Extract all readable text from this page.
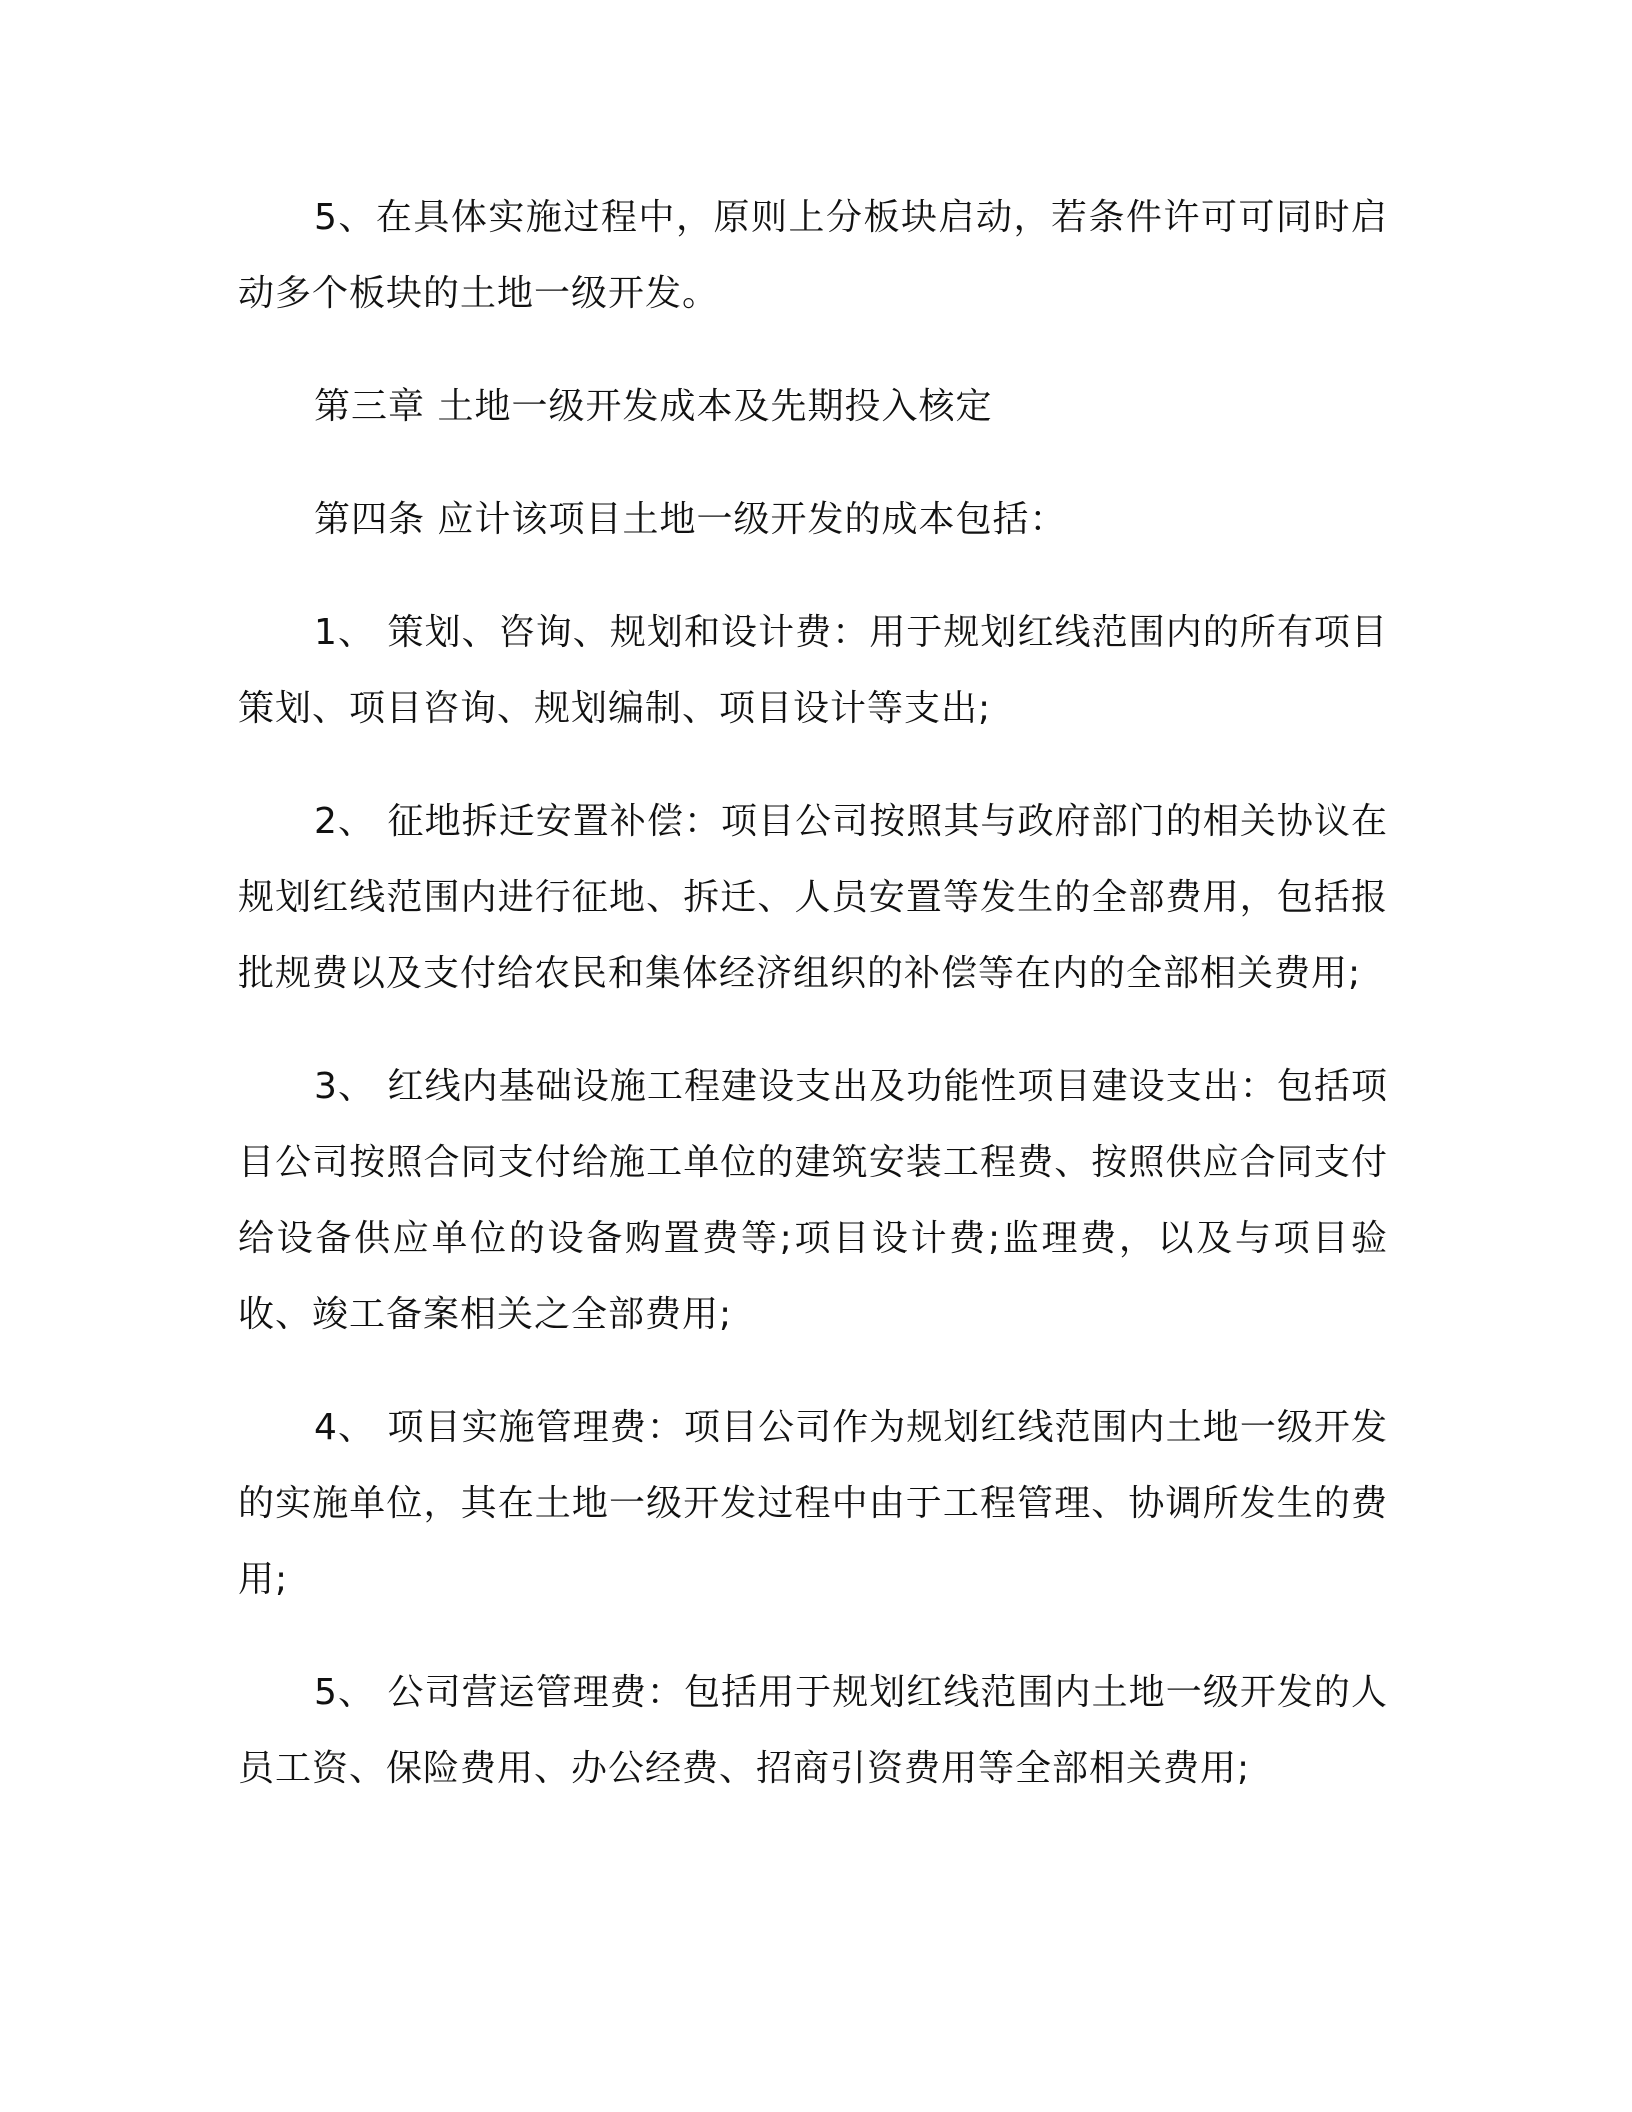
5、在具体实施过程中，原则上分板块启动，若条件许可可同时启动多个板块的土地一级开发。

第三章 土地一级开发成本及先期投入核定

第四条 应计该项目土地一级开发的成本包括：

1、 策划、咨询、规划和设计费：用于规划红线范围内的所有项目策划、项目咨询、规划编制、项目设计等支出;

2、 征地拆迁安置补偿：项目公司按照其与政府部门的相关协议在规划红线范围内进行征地、拆迁、人员安置等发生的全部费用，包括报批规费以及支付给农民和集体经济组织的补偿等在内的全部相关费用;

3、 红线内基础设施工程建设支出及功能性项目建设支出：包括项目公司按照合同支付给施工单位的建筑安装工程费、按照供应合同支付给设备供应单位的设备购置费等;项目设计费;监理费，以及与项目验收、竣工备案相关之全部费用;

4、 项目实施管理费：项目公司作为规划红线范围内土地一级开发的实施单位，其在土地一级开发过程中由于工程管理、协调所发生的费用;

5、 公司营运管理费：包括用于规划红线范围内土地一级开发的人员工资、保险费用、办公经费、招商引资费用等全部相关费用;
